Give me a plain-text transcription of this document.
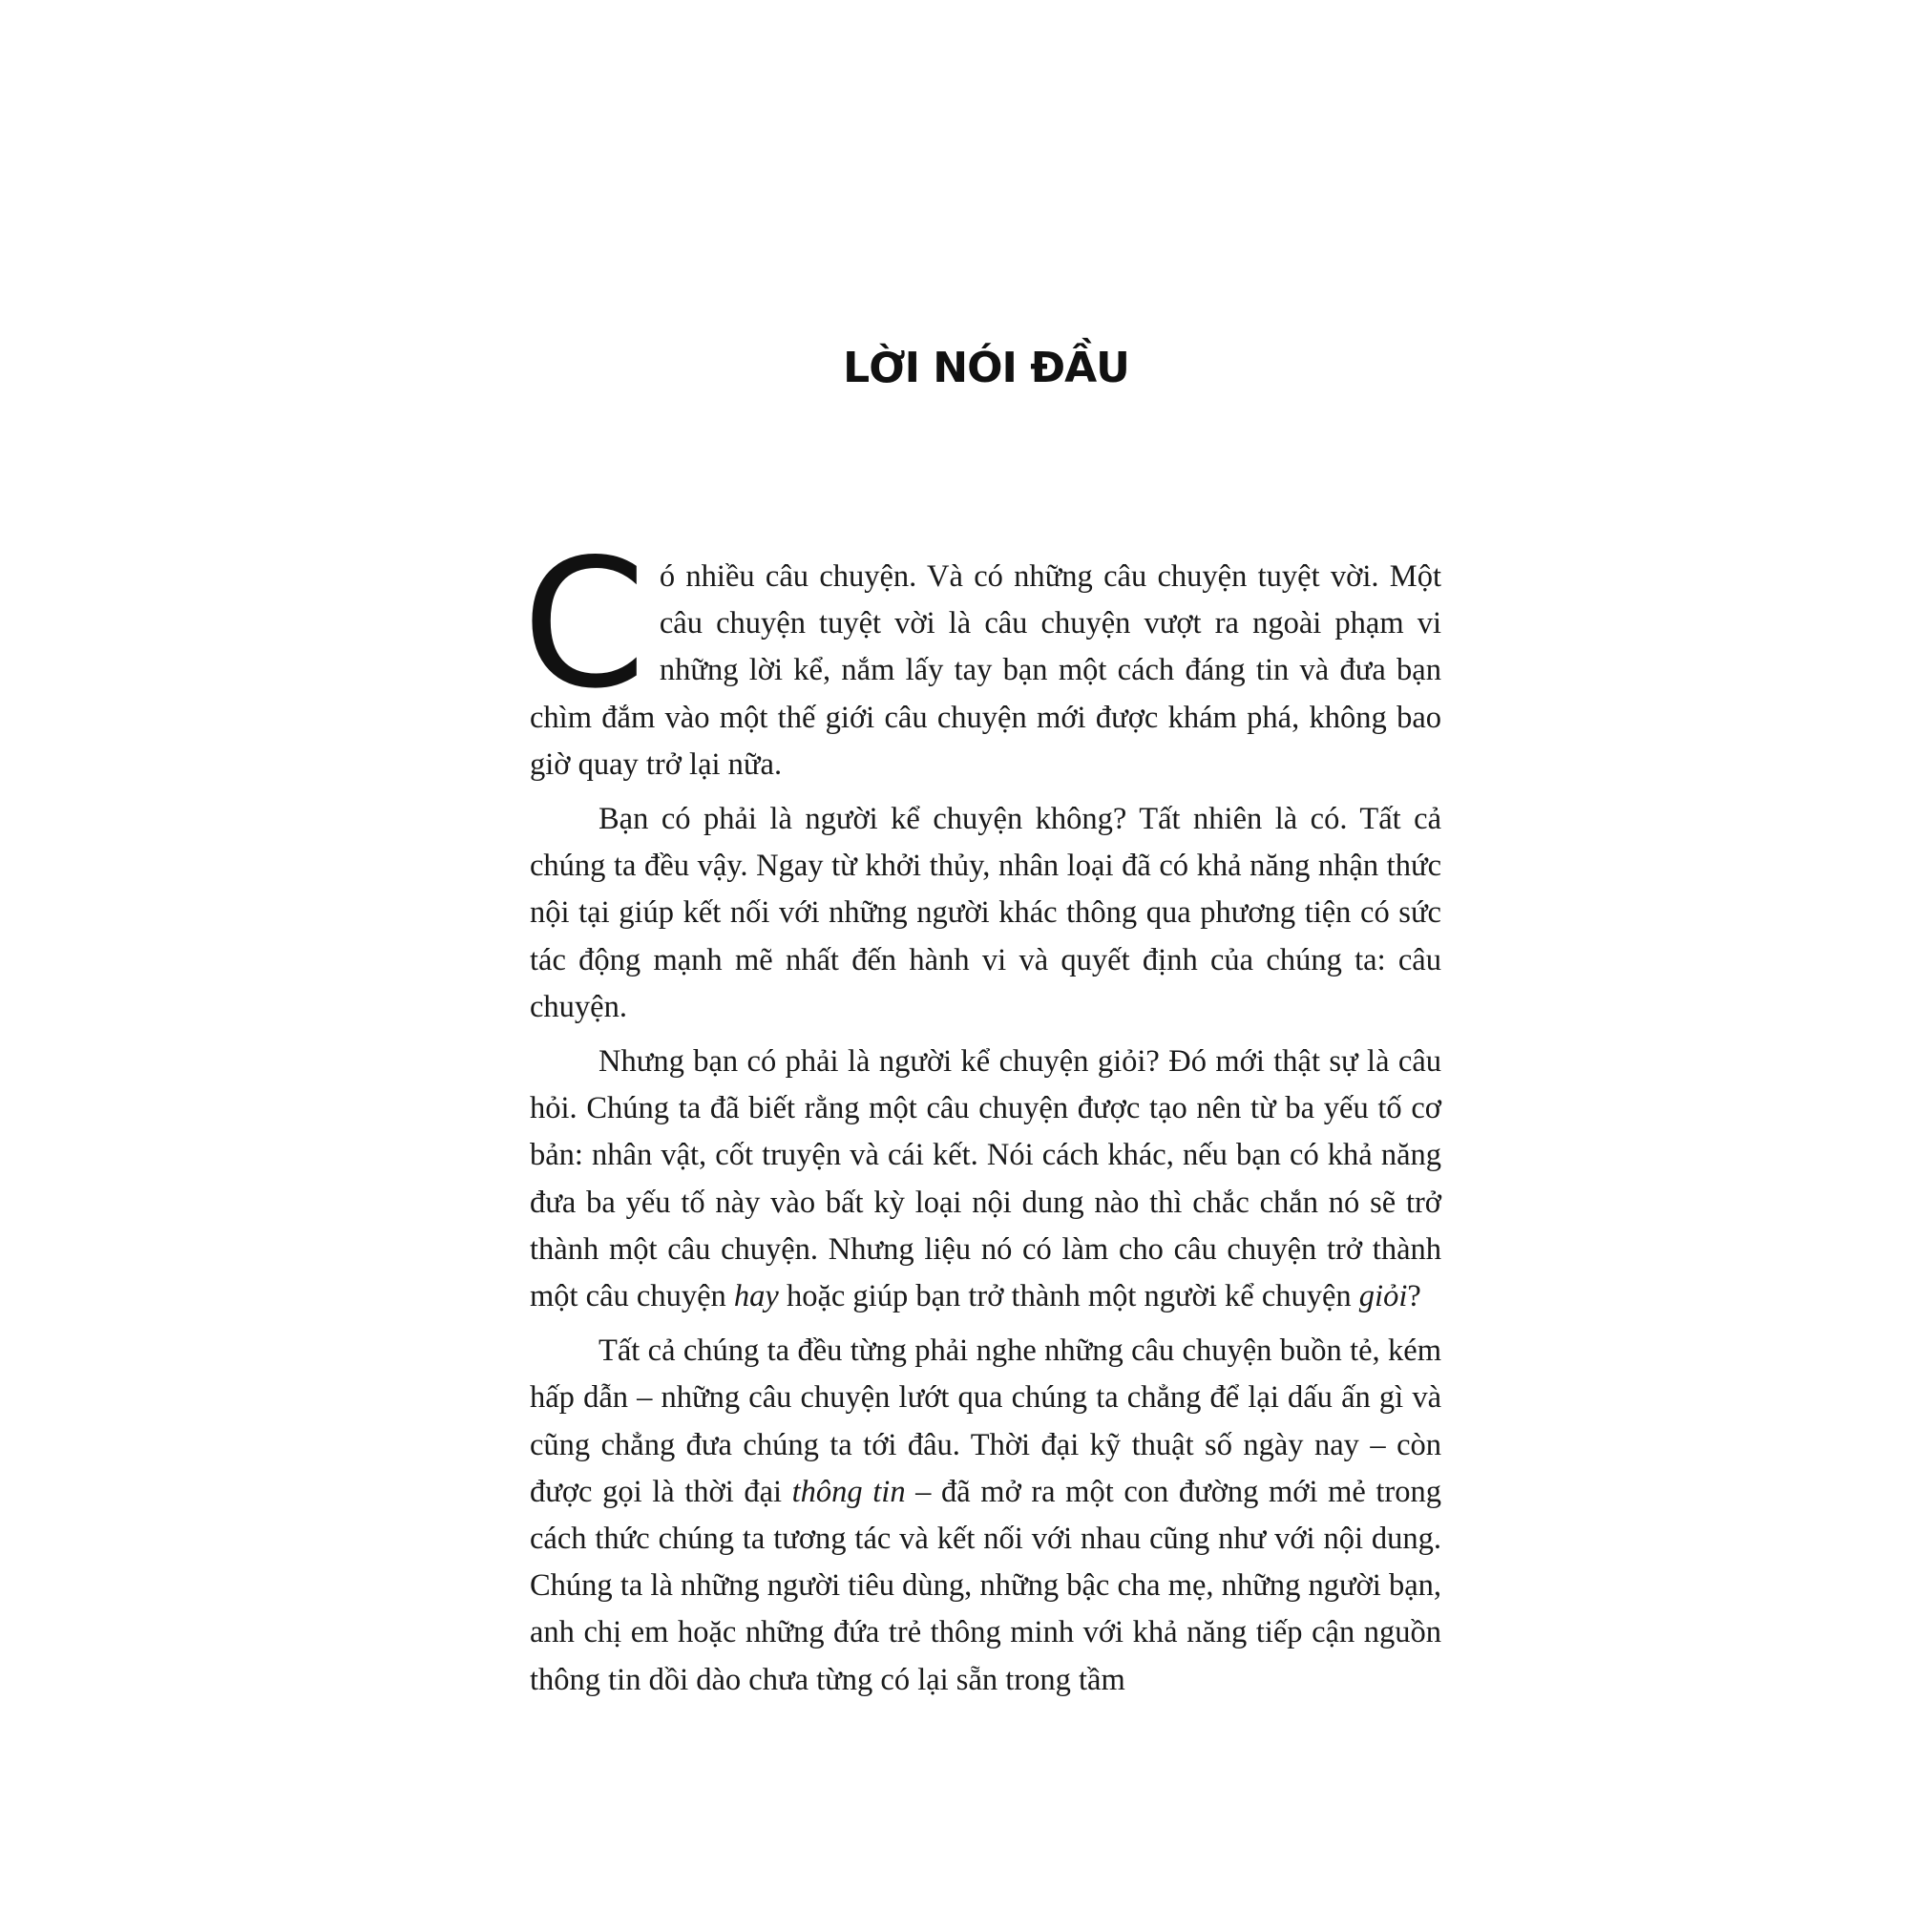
LỜI NÓI ĐẦU

Có nhiều câu chuyện. Và có những câu chuyện tuyệt vời. Một câu chuyện tuyệt vời là câu chuyện vượt ra ngoài phạm vi những lời kể, nắm lấy tay bạn một cách đáng tin và đưa bạn chìm đắm vào một thế giới câu chuyện mới được khám phá, không bao giờ quay trở lại nữa.

Bạn có phải là người kể chuyện không? Tất nhiên là có. Tất cả chúng ta đều vậy. Ngay từ khởi thủy, nhân loại đã có khả năng nhận thức nội tại giúp kết nối với những người khác thông qua phương tiện có sức tác động mạnh mẽ nhất đến hành vi và quyết định của chúng ta: câu chuyện.

Nhưng bạn có phải là người kể chuyện giỏi? Đó mới thật sự là câu hỏi. Chúng ta đã biết rằng một câu chuyện được tạo nên từ ba yếu tố cơ bản: nhân vật, cốt truyện và cái kết. Nói cách khác, nếu bạn có khả năng đưa ba yếu tố này vào bất kỳ loại nội dung nào thì chắc chắn nó sẽ trở thành một câu chuyện. Nhưng liệu nó có làm cho câu chuyện trở thành một câu chuyện hay hoặc giúp bạn trở thành một người kể chuyện giỏi?

Tất cả chúng ta đều từng phải nghe những câu chuyện buồn tẻ, kém hấp dẫn – những câu chuyện lướt qua chúng ta chẳng để lại dấu ấn gì và cũng chẳng đưa chúng ta tới đâu. Thời đại kỹ thuật số ngày nay – còn được gọi là thời đại thông tin – đã mở ra một con đường mới mẻ trong cách thức chúng ta tương tác và kết nối với nhau cũng như với nội dung. Chúng ta là những người tiêu dùng, những bậc cha mẹ, những người bạn, anh chị em hoặc những đứa trẻ thông minh với khả năng tiếp cận nguồn thông tin dồi dào chưa từng có lại sẵn trong tầm
